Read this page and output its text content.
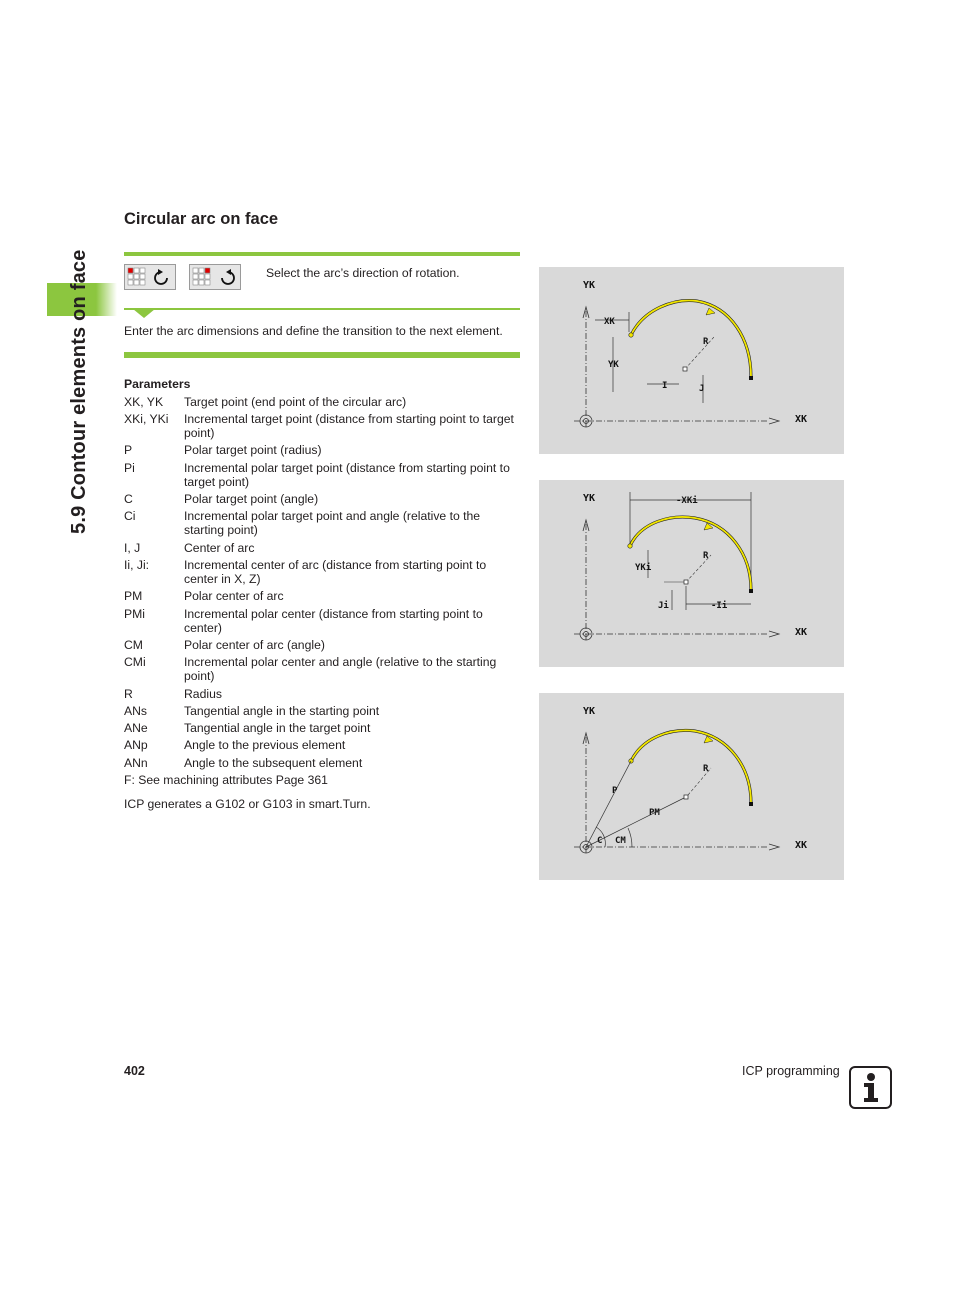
5.9 Contour elements on face
Circular arc on face
Select the arc’s direction of rotation.
Enter the arc dimensions and define the transition to the next element.
Parameters
XK, YK	Target point (end point of the circular arc)
XKi, YKi	Incremental target point (distance from starting point to target point)
P	Polar target point (radius)
Pi	Incremental polar target point (distance from starting point to target point)
C	Polar target point (angle)
Ci	Incremental polar target point and angle (relative to the starting point)
I, J	Center of arc
Ii, Ji:	Incremental center of arc (distance from starting point to center in X, Z)
PM	Polar center of arc
PMi	Incremental polar center (distance from starting point to center)
CM	Polar center of arc (angle)
CMi	Incremental polar center and angle (relative to the starting point)
R	Radius
ANs	Tangential angle in the starting point
ANe	Tangential angle in the target point
ANp	Angle to the previous element
ANn	Angle to the subsequent element
F: See machining attributes Page 361
ICP generates a G102 or G103 in smart.Turn.
YK
XK
XK
YK
R
I	J
YK
XK
-XKi
YKi
R
Ji	-Ii
YK
XK
P
PM
R
C CM
402	ICP programming
